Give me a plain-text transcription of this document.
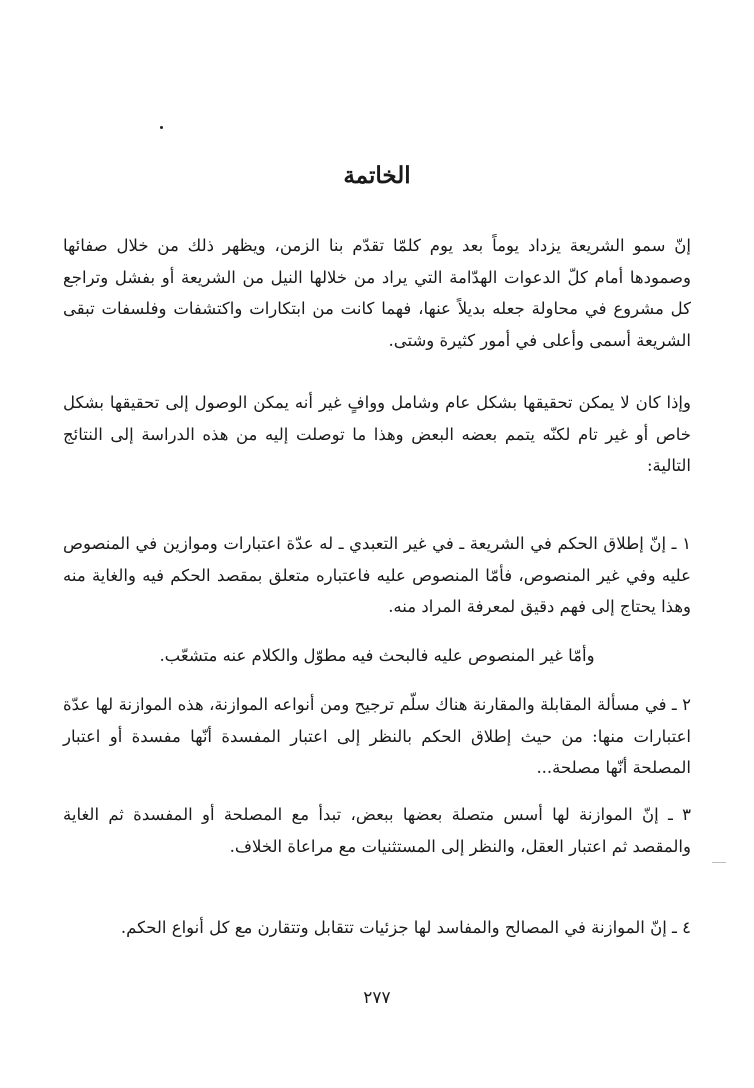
الخاتمة

إنّ سمو الشريعة يزداد يوماً بعد يوم كلمّا تقدّم بنا الزمن، ويظهر ذلك من خلال صفائها وصمودها أمام كلّ الدعوات الهدّامة التي يراد من خلالها النيل من الشريعة أو بفشل وتراجع كل مشروع في محاولة جعله بديلاً عنها، فهما كانت من ابتكارات واكتشفات وفلسفات تبقى الشريعة أسمى وأعلى في أمور كثيرة وشتى.

وإذا كان لا يمكن تحقيقها بشكل عام وشامل ووافٍ غير أنه يمكن الوصول إلى تحقيقها بشكل خاص أو غير تام لكنّه يتمم بعضه البعض وهذا ما توصلت إليه من هذه الدراسة إلى النتائج التالية:

١ ـ إنّ إطلاق الحكم في الشريعة ـ في غير التعبدي ـ له عدّة اعتبارات وموازين في المنصوص عليه وفي غير المنصوص، فأمّا المنصوص عليه فاعتباره متعلق بمقصد الحكم فيه والغاية منه وهذا يحتاج إلى فهم دقيق لمعرفة المراد منه.

وأمّا غير المنصوص عليه فالبحث فيه مطوّل والكلام عنه متشعّب.

٢ ـ في مسألة المقابلة والمقارنة هناك سلّم ترجيح ومن أنواعه الموازنة، هذه الموازنة لها عدّة اعتبارات منها: من حيث إطلاق الحكم بالنظر إلى اعتبار المفسدة أنّها مفسدة أو اعتبار المصلحة أنّها مصلحة...

٣ ـ إنّ الموازنة لها أسس متصلة بعضها ببعض، تبدأ مع المصلحة أو المفسدة ثم الغاية والمقصد ثم اعتبار العقل، والنظر إلى المستثنيات مع مراعاة الخلاف.

٤ ـ إنّ الموازنة في المصالح والمفاسد لها جزئيات تتقابل وتتقارن مع كل أنواع الحكم.

٢٧٧
